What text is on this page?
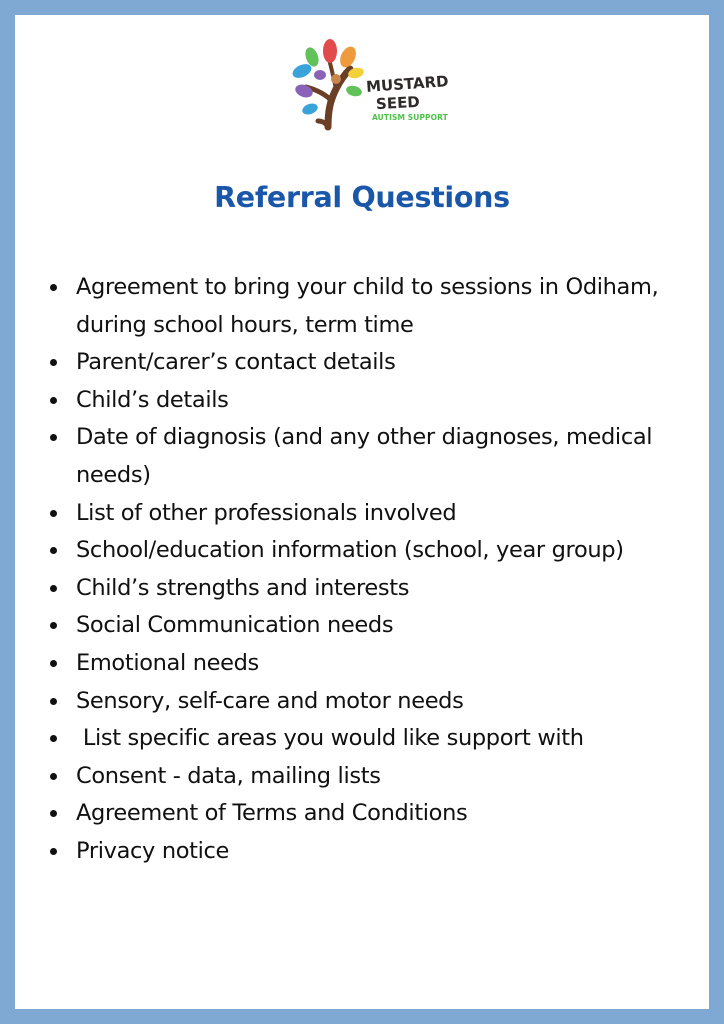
MUSTARD
SEED
AUTISM SUPPORT
Referral Questions
Agreement to bring your child to sessions in Odiham, during school hours, term time
Parent/carer’s contact details
Child’s details
Date of diagnosis (and any other diagnoses, medical needs)
List of other professionals involved
School/education information (school, year group)
Child’s strengths and interests
Social Communication needs
Emotional needs
Sensory, self-care and motor needs
List specific areas you would like support with
Consent - data, mailing lists
Agreement of Terms and Conditions
Privacy notice
